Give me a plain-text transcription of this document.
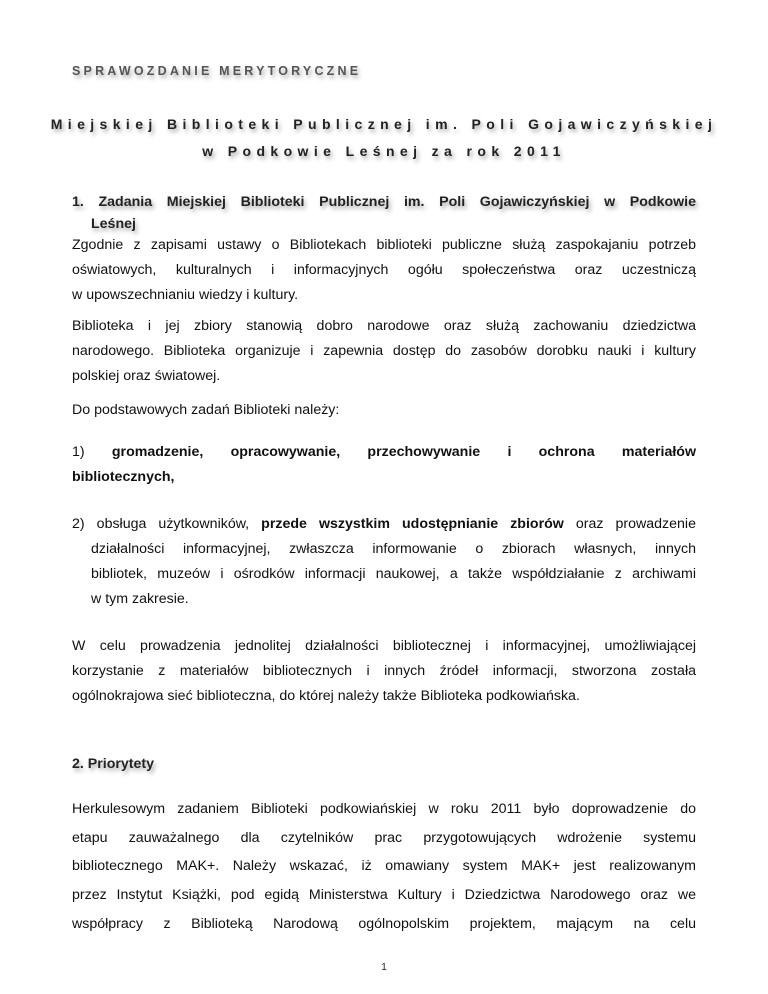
SPRAWOZDANIE MERYTORYCZNE
Miejskiej Biblioteki Publicznej im. Poli Gojawiczyńskiej
w Podkowie Leśnej za rok 2011
1. Zadania Miejskiej Biblioteki Publicznej im. Poli Gojawiczyńskiej w Podkowie
Leśnej
Zgodnie z zapisami ustawy o Bibliotekach biblioteki publiczne służą zaspokajaniu potrzeb
oświatowych, kulturalnych i informacyjnych ogółu społeczeństwa oraz uczestniczą
w upowszechnianiu wiedzy i kultury.
Biblioteka i jej zbiory stanowią dobro narodowe oraz służą zachowaniu dziedzictwa
narodowego. Biblioteka organizuje i zapewnia dostęp do zasobów dorobku nauki i kultury
polskiej oraz światowej.
Do podstawowych zadań Biblioteki należy:
1) gromadzenie, opracowywanie, przechowywanie i ochrona materiałów
bibliotecznych,
2) obsługa użytkowników, przede wszystkim udostępnianie zbiorów oraz prowadzenie
działalności informacyjnej, zwłaszcza informowanie o zbiorach własnych, innych
bibliotek, muzeów i ośrodków informacji naukowej, a także współdziałanie z archiwami
w tym zakresie.
W celu prowadzenia jednolitej działalności bibliotecznej i informacyjnej, umożliwiającej
korzystanie z materiałów bibliotecznych i innych źródeł informacji, stworzona została
ogólnokrajowa sieć biblioteczna, do której należy także Biblioteka podkowiańska.
2. Priorytety
Herkulesowym zadaniem Biblioteki podkowiańskiej w roku 2011 było doprowadzenie do
etapu zauważalnego dla czytelników prac przygotowujących wdrożenie systemu
bibliotecznego MAK+. Należy wskazać, iż omawiany system MAK+ jest realizowanym
przez Instytut Książki, pod egidą Ministerstwa Kultury i Dziedzictwa Narodowego oraz we
współpracy z Biblioteką Narodową ogólnopolskim projektem, mającym na celu
1
